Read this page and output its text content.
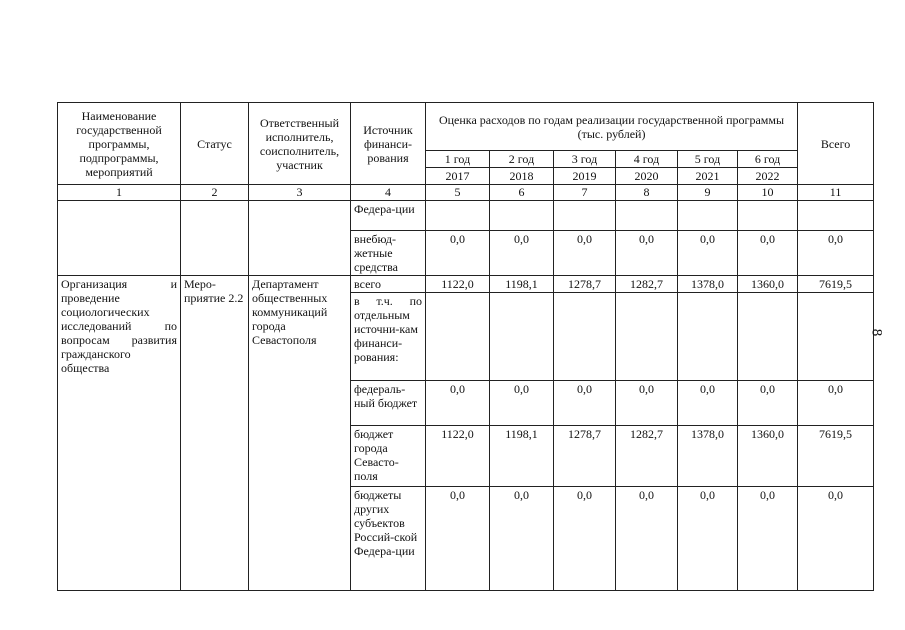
Наименование государственной программы, подпрограммы, мероприятий	Статус	Ответственный исполнитель, соисполнитель, участник	Источник финанси-рования	Оценка расходов по годам реализации государственной программы (тыс. рублей)						Всего
				1 год	2 год	3 год	4 год	5 год	6 год	
				2017	2018	2019	2020	2021	2022	
1	2	3	4	5	6	7	8	9	10	11
			Федера-ции							
			внебюд-жетные средства	0,0	0,0	0,0	0,0	0,0	0,0	0,0
Организация и проведение социологических исследований по вопросам развития гражданского общества	Меро-приятие 2.2	Департамент общественных коммуникаций города Севастополя	всего	1122,0	1198,1	1278,7	1282,7	1378,0	1360,0	7619,5
			в т.ч. по отдельным источни-кам финанси-рования:							
			федераль-ный бюджет	0,0	0,0	0,0	0,0	0,0	0,0	0,0
			бюджет города Севасто-поля	1122,0	1198,1	1278,7	1282,7	1378,0	1360,0	7619,5
			бюджеты других субъектов Россий-ской Федера-ции	0,0	0,0	0,0	0,0	0,0	0,0	0,0
8
